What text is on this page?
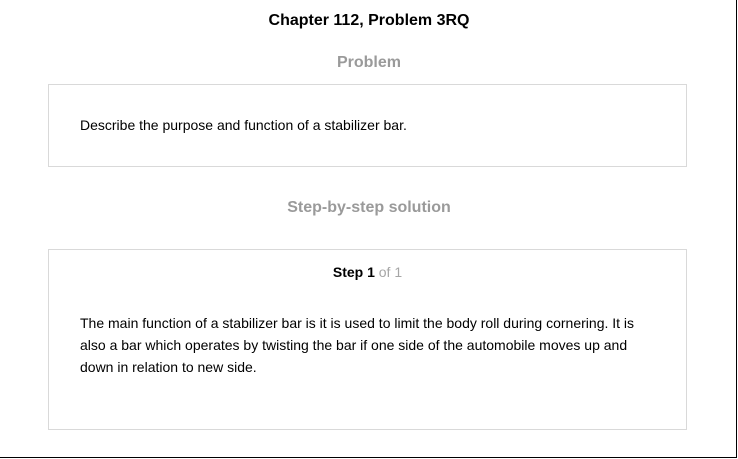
Chapter 112, Problem 3RQ
Problem
Describe the purpose and function of a stabilizer bar.
Step-by-step solution
Step 1 of 1
The main function of a stabilizer bar is it is used to limit the body roll during cornering. It is also a bar which operates by twisting the bar if one side of the automobile moves up and down in relation to new side.
